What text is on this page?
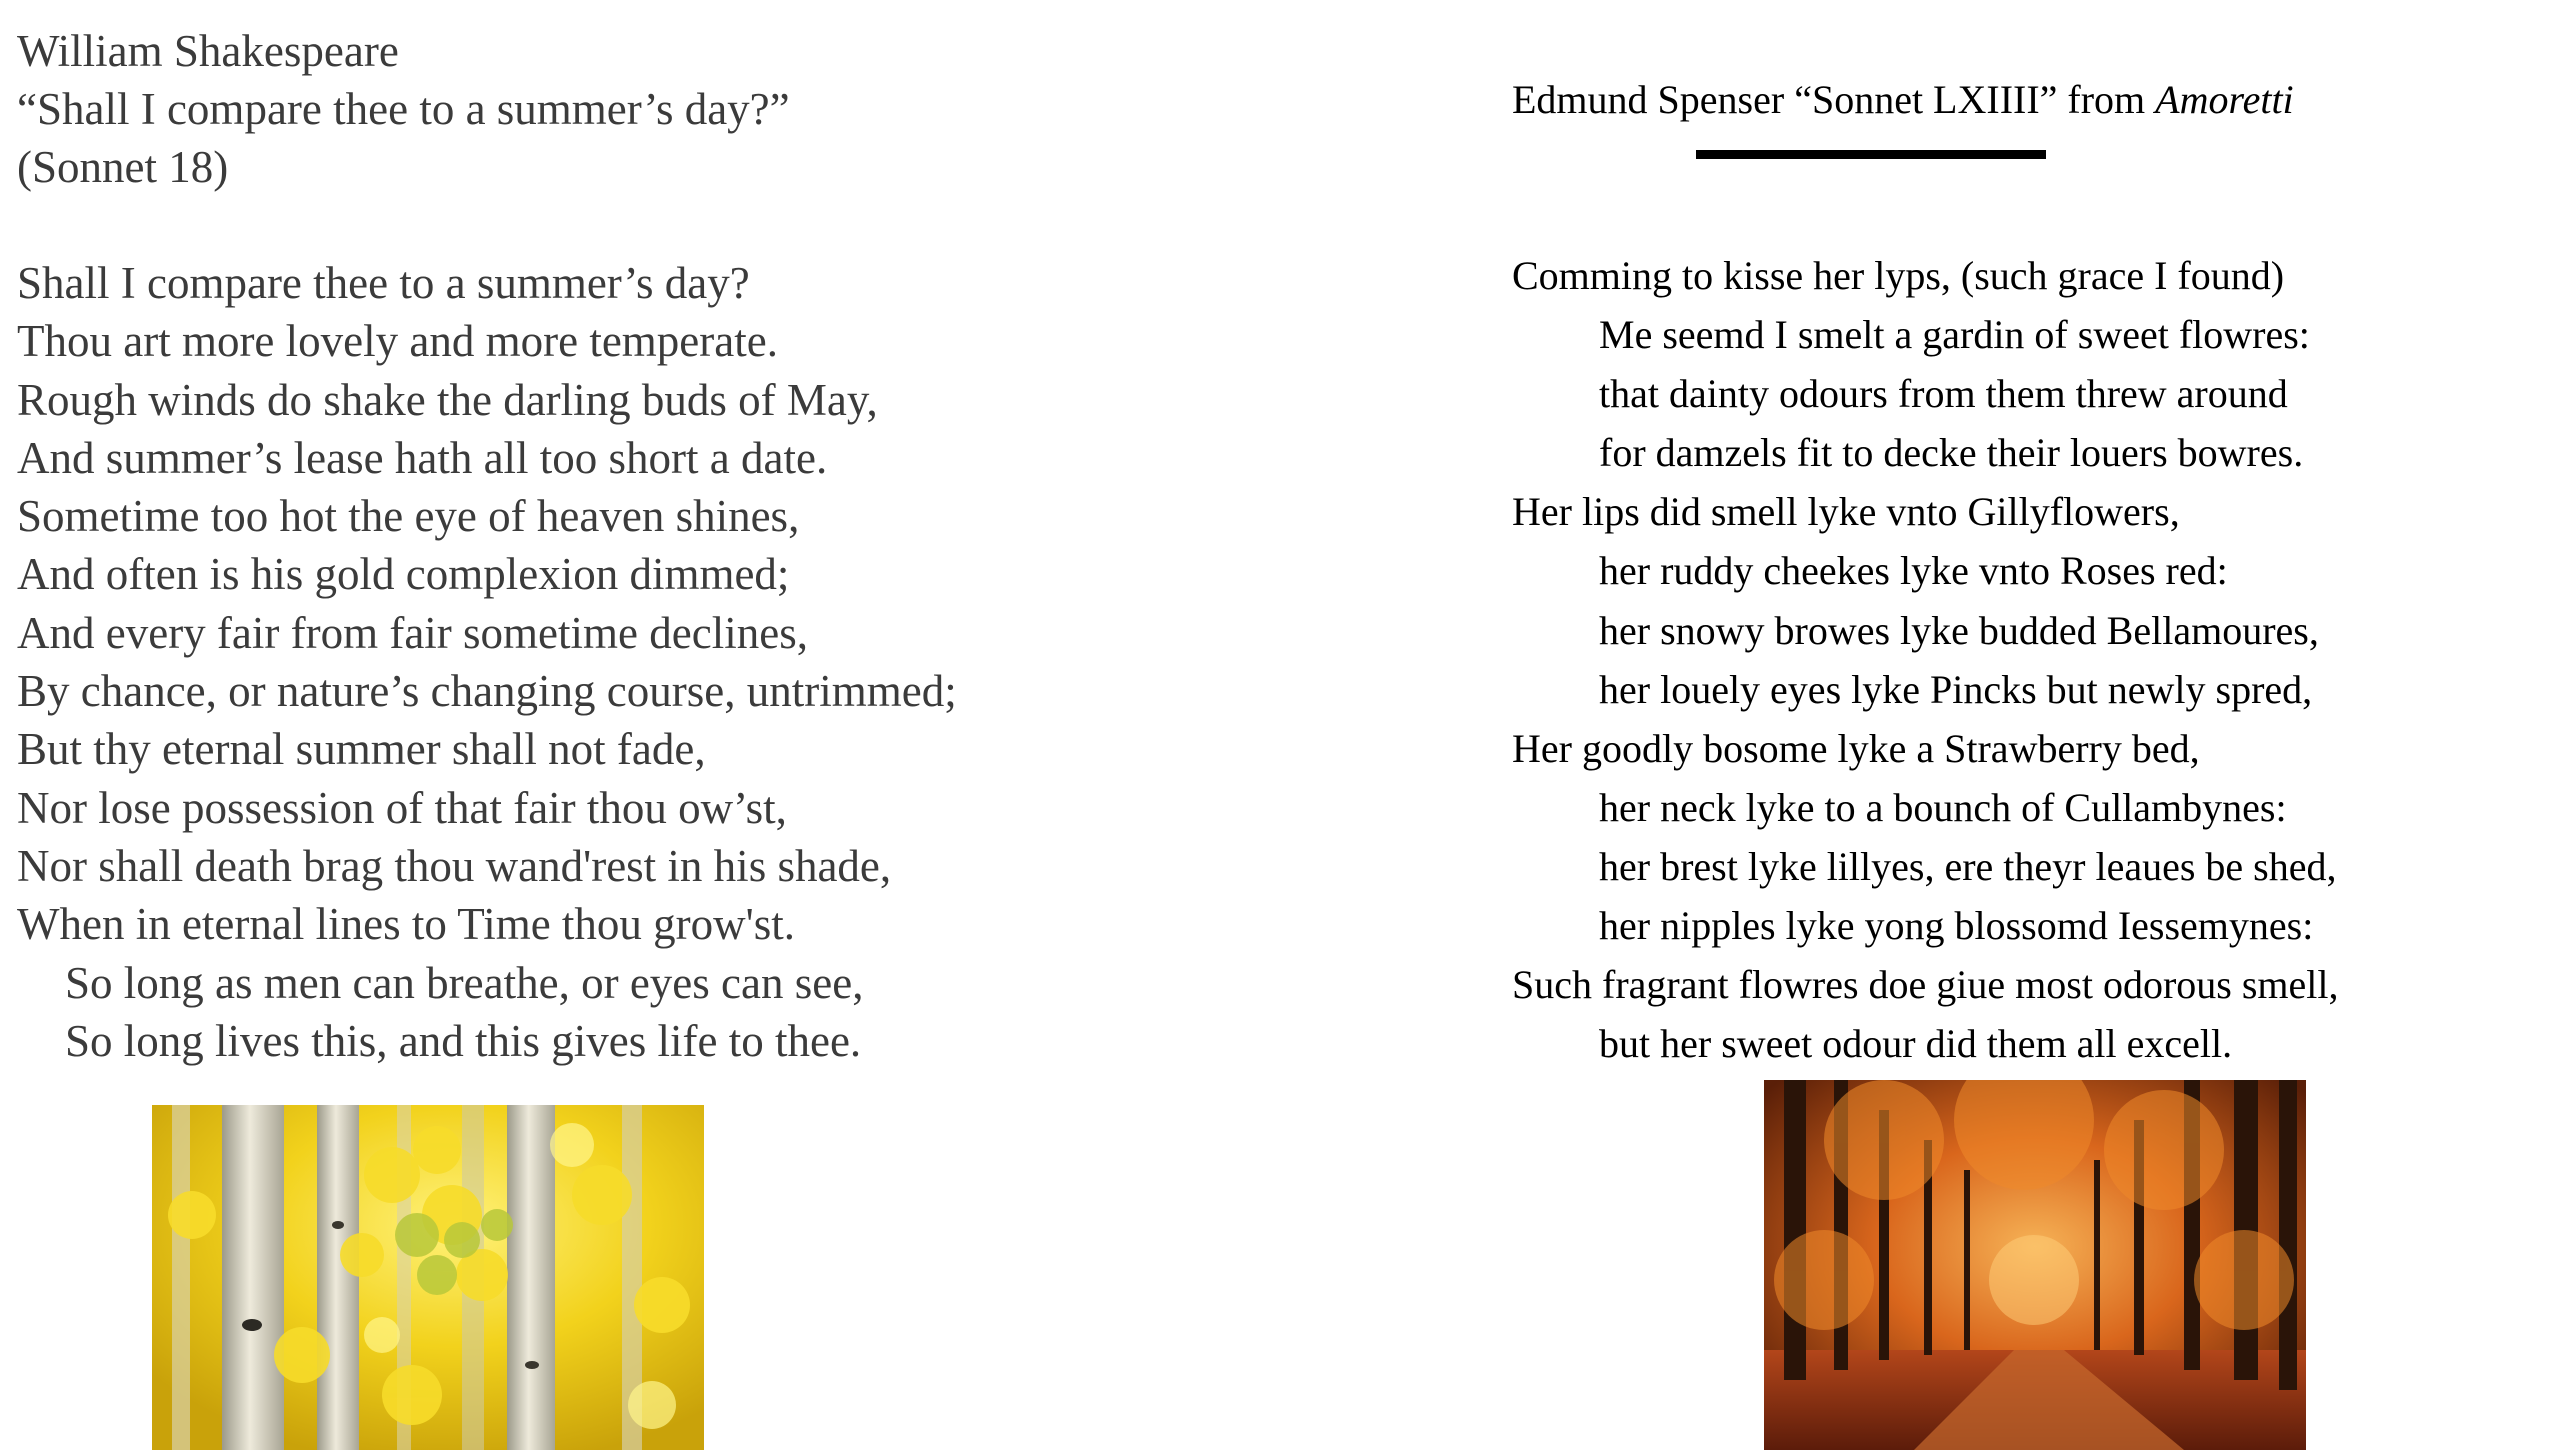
William Shakespeare
“Shall I compare thee to a summer’s day?”
(Sonnet 18)
Shall I compare thee to a summer’s day?
Thou art more lovely and more temperate.
Rough winds do shake the darling buds of May,
And summer’s lease hath all too short a date.
Sometime too hot the eye of heaven shines,
And often is his gold complexion dimmed;
And every fair from fair sometime declines,
By chance, or nature’s changing course, untrimmed;
But thy eternal summer shall not fade,
Nor lose possession of that fair thou ow’st,
Nor shall death brag thou wand'rest in his shade,
When in eternal lines to Time thou grow'st.
So long as men can breathe, or eyes can see,
So long lives this, and this gives life to thee.
Edmund Spenser “Sonnet LXIIII” from Amoretti
Comming to kisse her lyps, (such grace I found)
Me seemd I smelt a gardin of sweet flowres:
that dainty odours from them threw around
for damzels fit to decke their louers bowres.
Her lips did smell lyke vnto Gillyflowers,
her ruddy cheekes lyke vnto Roses red:
her snowy browes lyke budded Bellamoures,
her louely eyes lyke Pincks but newly spred,
Her goodly bosome lyke a Strawberry bed,
her neck lyke to a bounch of Cullambynes:
her brest lyke lillyes, ere theyr leaues be shed,
her nipples lyke yong blossomd Iessemynes:
Such fragrant flowres doe giue most odorous smell,
but her sweet odour did them all excell.
